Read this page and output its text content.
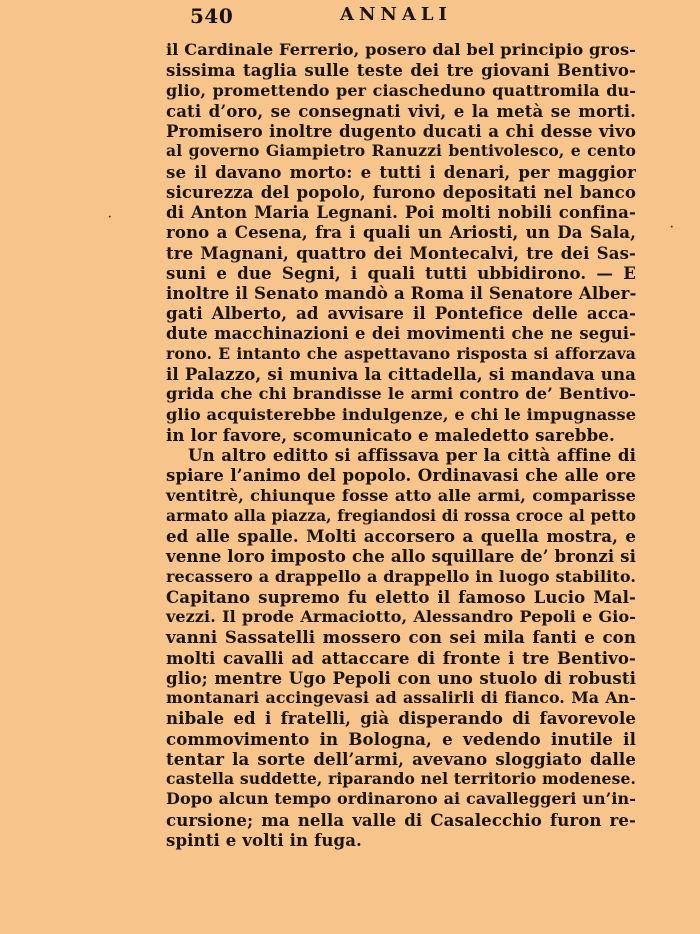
540	ANNALI
·
·
il Cardinale Ferrerio, posero dal bel principio gros-
sissima taglia sulle teste dei tre giovani Bentivo-
glio, promettendo per ciascheduno quattromila du-
cati d’oro, se consegnati vivi, e la metà se morti.
Promisero inoltre dugento ducati a chi desse vivo
al governo Giampietro Ranuzzi bentivolesco, e cento
se il davano morto: e tutti i denari, per maggior
sicurezza del popolo, furono depositati nel banco
di Anton Maria Legnani. Poi molti nobili confina-
rono a Cesena, fra i quali un Ariosti, un Da Sala,
tre Magnani, quattro dei Montecalvi, tre dei Sas-
suni e due Segni, i quali tutti ubbidirono. — E
inoltre il Senato mandò a Roma il Senatore Alber-
gati Alberto, ad avvisare il Pontefice delle acca-
dute macchinazioni e dei movimenti che ne segui-
rono. E intanto che aspettavano risposta si afforzava
il Palazzo, si muniva la cittadella, si mandava una
grida che chi brandisse le armi contro de’ Bentivo-
glio acquisterebbe indulgenze, e chi le impugnasse
in lor favore, scomunicato e maledetto sarebbe.
Un altro editto si affissava per la città affine di
spiare l’animo del popolo. Ordinavasi che alle ore
ventitrè, chiunque fosse atto alle armi, comparisse
armato alla piazza, fregiandosi di rossa croce al petto
ed alle spalle. Molti accorsero a quella mostra, e
venne loro imposto che allo squillare de’ bronzi si
recassero a drappello a drappello in luogo stabilito.
Capitano supremo fu eletto il famoso Lucio Mal-
vezzi. Il prode Armaciotto, Alessandro Pepoli e Gio-
vanni Sassatelli mossero con sei mila fanti e con
molti cavalli ad attaccare di fronte i tre Bentivo-
glio; mentre Ugo Pepoli con uno stuolo di robusti
montanari accingevasi ad assalirli di fianco. Ma An-
nibale ed i fratelli, già disperando di favorevole
commovimento in Bologna, e vedendo inutile il
tentar la sorte dell’armi, avevano sloggiato dalle
castella suddette, riparando nel territorio modenese.
Dopo alcun tempo ordinarono ai cavalleggeri un’in-
cursione; ma nella valle di Casalecchio furon re-
spinti e volti in fuga.
